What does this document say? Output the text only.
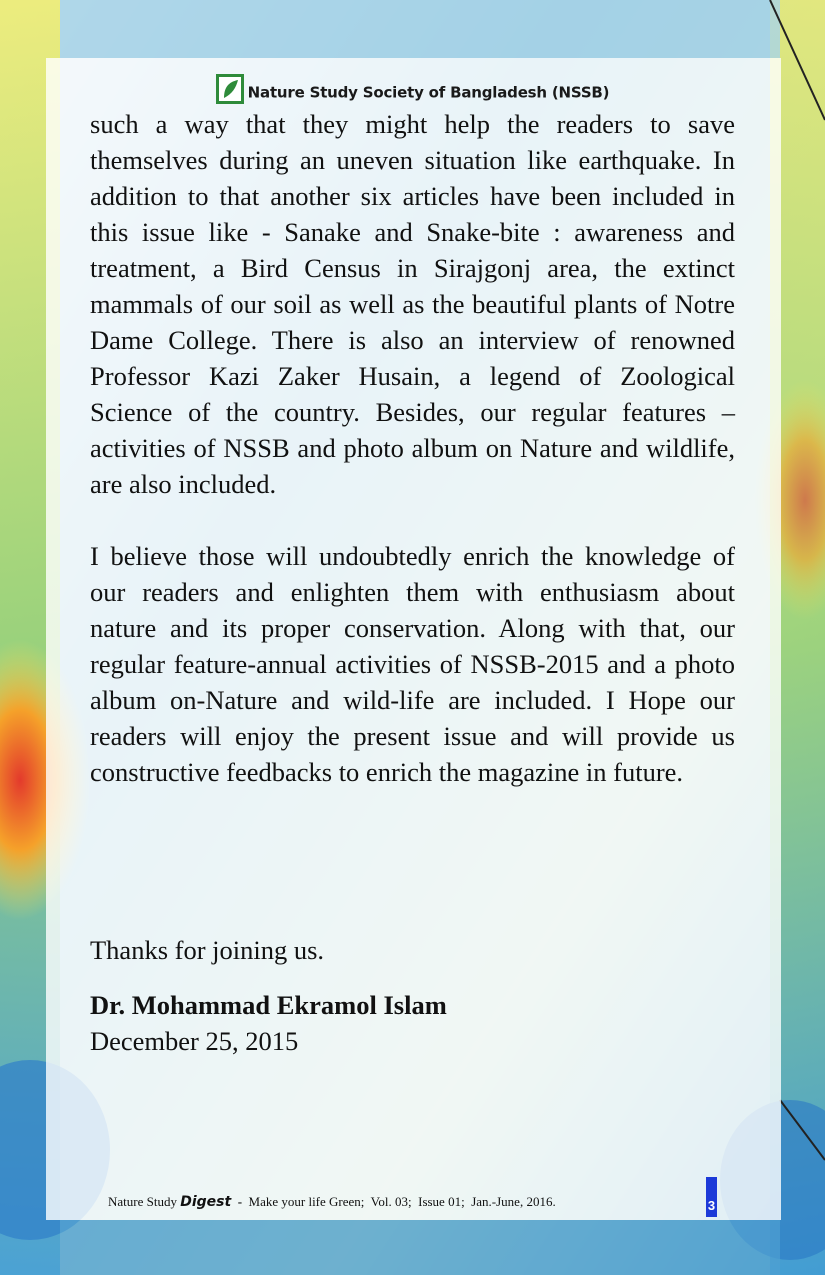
Nature Study Society of Bangladesh (NSSB)

such a way that they might help the readers to save themselves during an uneven situation like earthquake. In addition to that another six articles have been included in this issue like - Sanake and Snake-bite : awareness and treatment, a Bird Census in Sirajgonj area, the extinct mammals of our soil as well as the beautiful plants of Notre Dame College. There is also an interview of renowned Professor Kazi Zaker Husain, a legend of Zoological Science of the country. Besides, our regular features – activities of NSSB and photo album on Nature and wildlife, are also included.

I believe those will undoubtedly enrich the knowledge of our readers and enlighten them with enthusiasm about nature and its proper conservation. Along with that, our regular feature-annual activities of NSSB-2015 and a photo album on-Nature and wild-life are included. I Hope our readers will enjoy the present issue and will provide us constructive feedbacks to enrich the magazine in future.

Thanks for joining us.
Dr. Mohammad Ekramol Islam
December 25, 2015
Nature Study Digest - Make your life Green; Vol. 03; Issue 01; Jan.-June, 2016.	3
